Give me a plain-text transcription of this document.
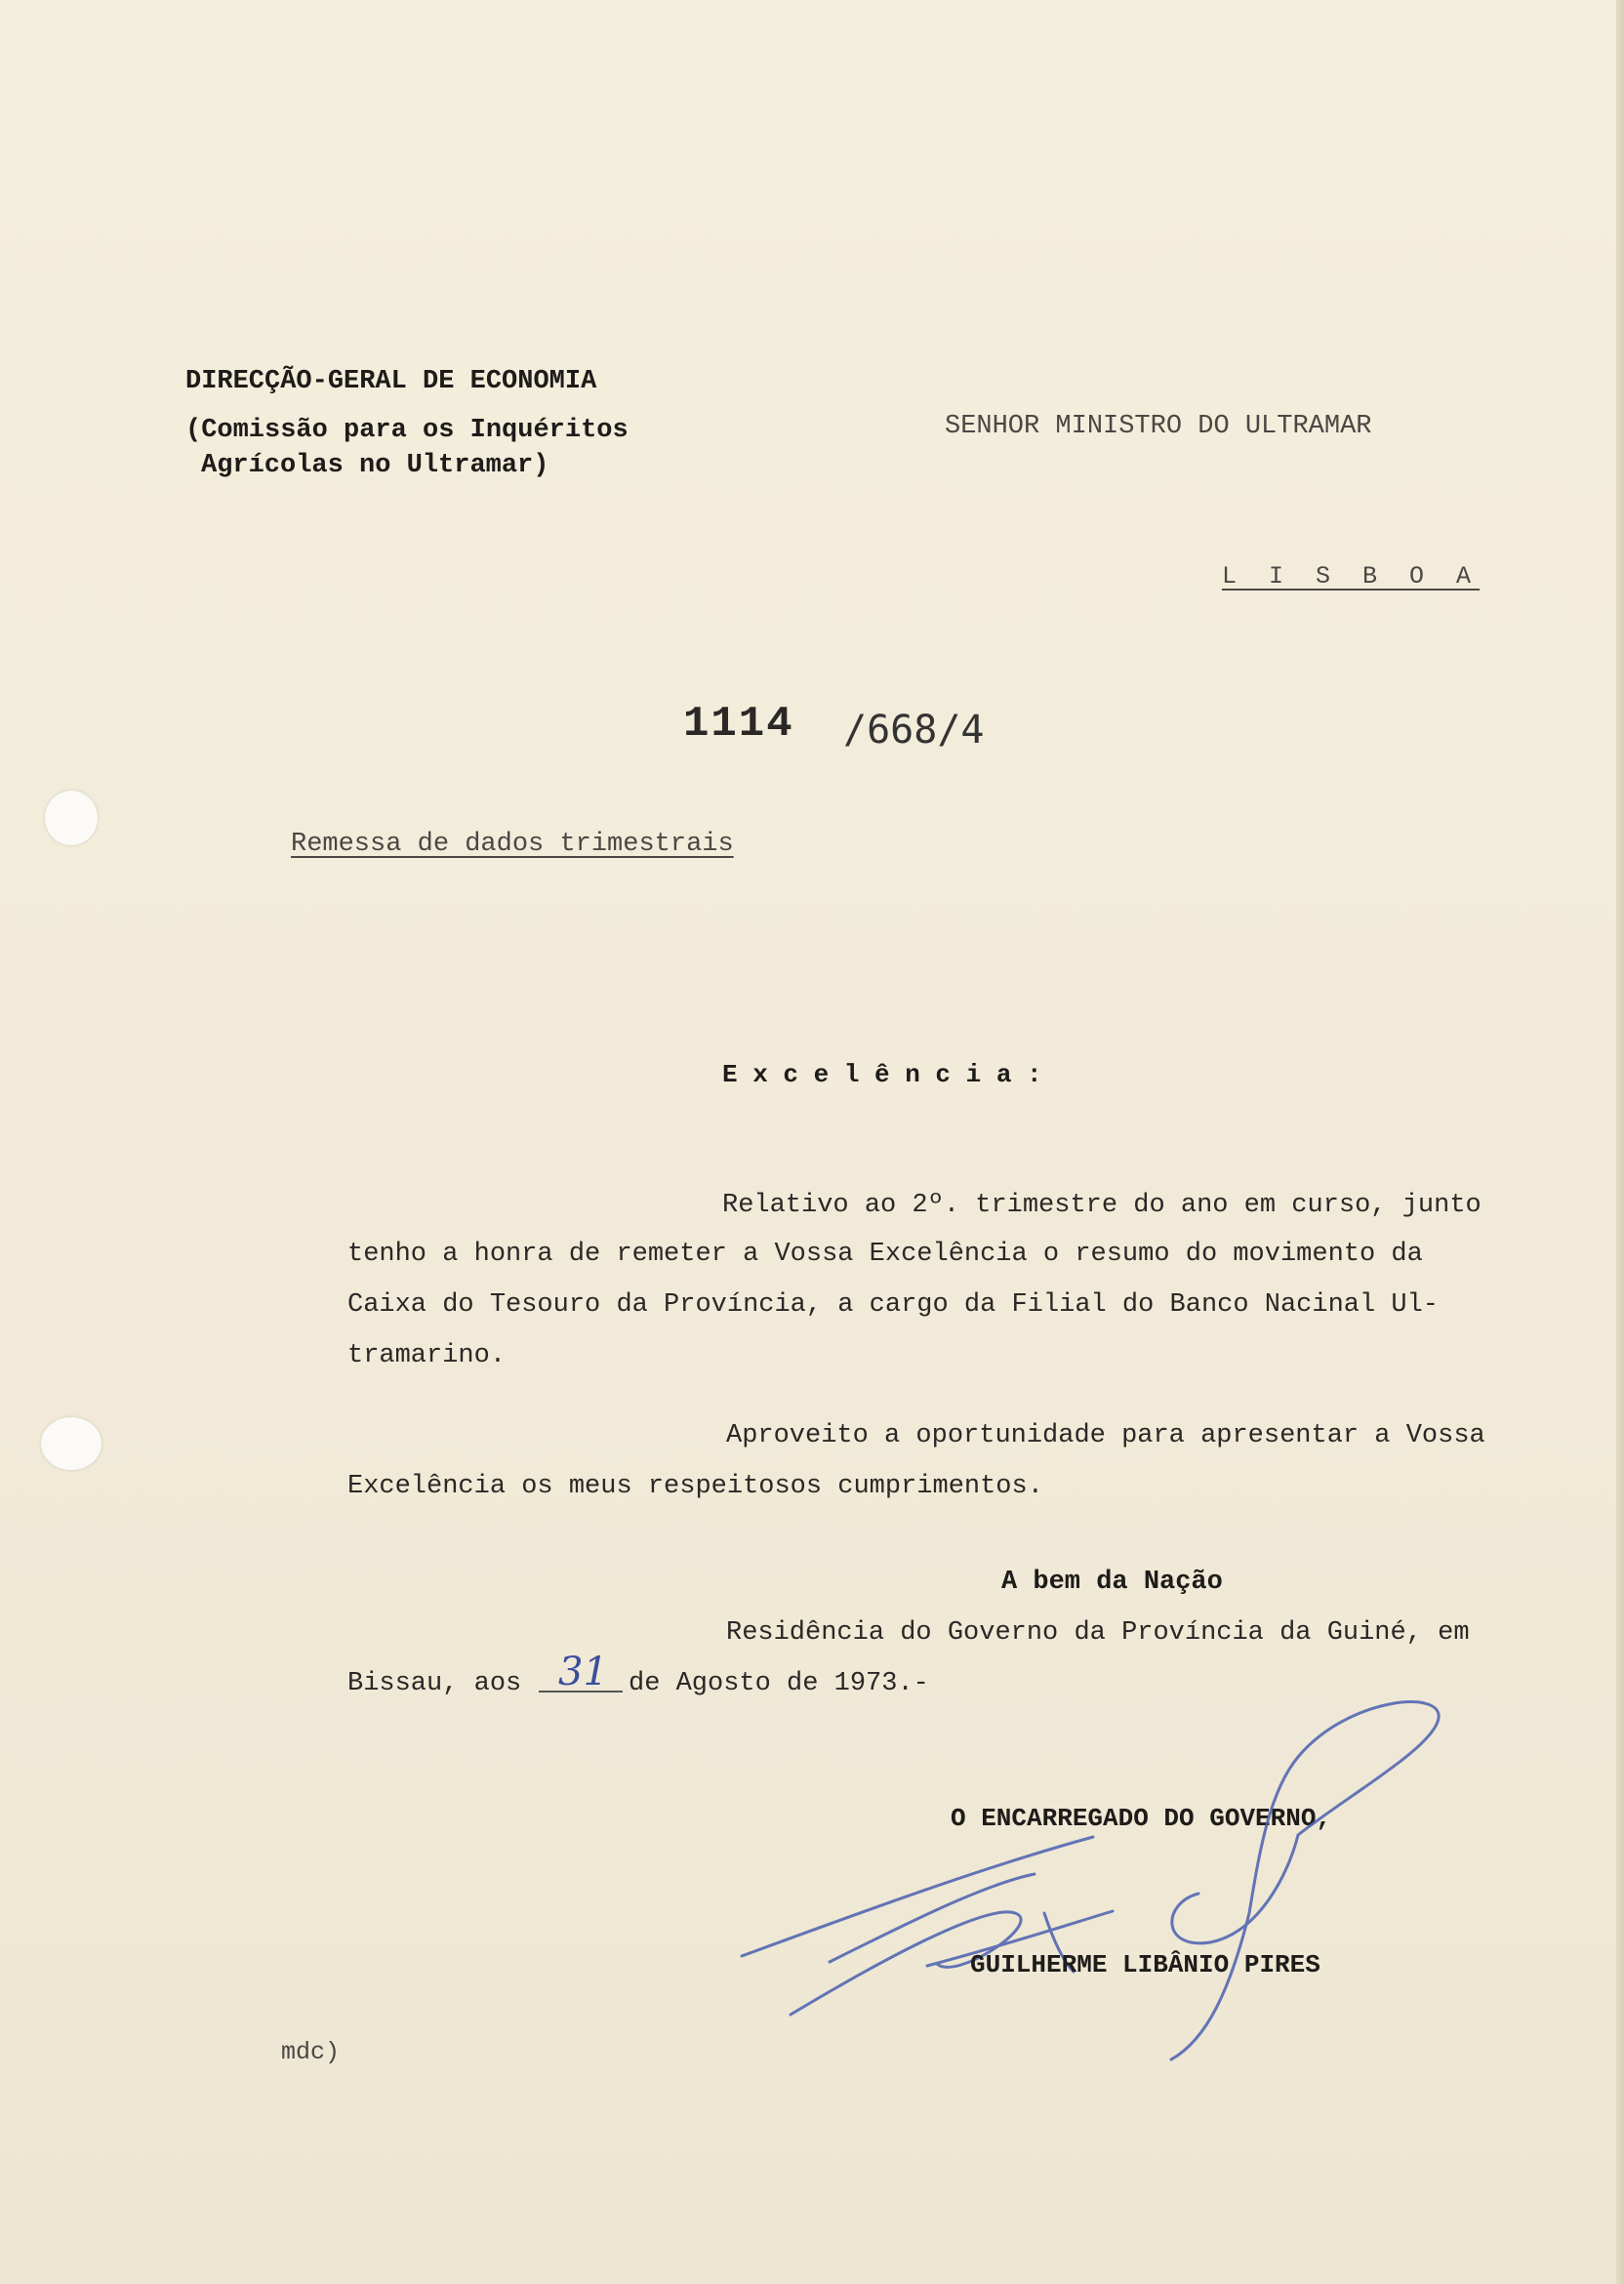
DIRECÇÃO-GERAL DE ECONOMIA
(Comissão para os Inquéritos
Agrícolas no Ultramar)
SENHOR MINISTRO DO ULTRAMAR
L I S B O A
1114 /668/4
Remessa de dados trimestrais
E x c e l ê n c i a :
Relativo ao 2º. trimestre do ano em curso, junto
tenho a honra de remeter a Vossa Excelência o resumo do movimento da
Caixa do Tesouro da Província, a cargo da Filial do Banco Nacinal Ul-
tramarino.
Aproveito a oportunidade para apresentar a Vossa
Excelência os meus respeitosos cumprimentos.
A bem da Nação
Residência do Governo da Província da Guiné, em
Bissau, aos 31 de Agosto de 1973.-
O ENCARREGADO DO GOVERNO,
GUILHERME LIBÂNIO PIRES
mdc)
